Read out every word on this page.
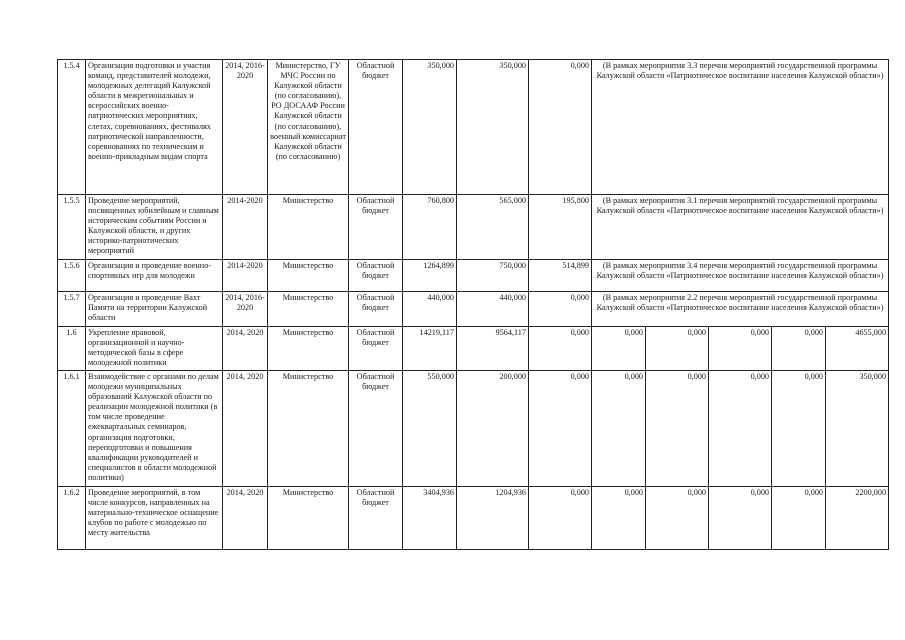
1.5.4	Организация подготовки и участия команд, представителей молодежи, молодежных делегаций Калужской области в межрегиональных и всероссийских военно-патриотических мероприятиях, слетах, соревнованиях, фестивалях патриотической направленности, соревнованиях по техническим и военно-прикладным видам спорта	2014, 2016-2020	Министерство, ГУ МЧС России по Калужской области (по согласованию), РО ДОСААФ России Калужской области (по согласованию), военный комиссариат Калужской области (по согласованию)	Областной бюджет	350,000	350,000	0,000	(В рамках мероприятия 3.3 перечня мероприятий государственной программы Калужской области «Патриотическое воспитание населения Калужской области»)				
1.5.5	Проведение мероприятий, посвященных юбилейным и славным историческим событиям России и Калужской области, и других историко-патриотических мероприятий	2014-2020	Министерство	Областной бюджет	760,800	565,000	195,800	(В рамках мероприятия 3.1 перечня мероприятий государственной программы Калужской области «Патриотическое воспитание населения Калужской области»)				
1.5.6	Организация и проведение военно-спортивных игр для молодежи	2014-2020	Министерство	Областной бюджет	1264,899	750,000	514,899	(В рамках мероприятия 3.4 перечня мероприятий государственной программы Калужской области «Патриотическое воспитание населения Калужской области»)				
1.5.7	Организация и проведение Вахт Памяти на территории Калужской области	2014, 2016-2020	Министерство	Областной бюджет	440,000	440,000	0,000	(В рамках мероприятия 2.2 перечня мероприятий государственной программы Калужской области «Патриотическое воспитание населения Калужской области»)				
1.6	Укрепление правовой, организационной и научно-методической базы в сфере молодежной политики	2014, 2020	Министерство	Областной бюджет	14219,117	9564,117	0,000	0,000	0,000	0,000	0,000	4655,000
1.6.1	Взаимодействие с органами по делам молодежи муниципальных образований Калужской области по реализации молодежной политики (в том числе проведение ежеквартальных семинаров, организация подготовки, переподготовки и повышения квалификации руководителей и специалистов в области молодежной политики)	2014, 2020	Министерство	Областной бюджет	550,000	200,000	0,000	0,000	0,000	0,000	0,000	350,000
1.6.2	Проведение мероприятий, в том числе конкурсов, направленных на материально-техническое оснащение клубов по работе с молодежью по месту жительства	2014, 2020	Министерство	Областной бюджет	3404,936	1204,936	0,000	0,000	0,000	0,000	0,000	2200,000
